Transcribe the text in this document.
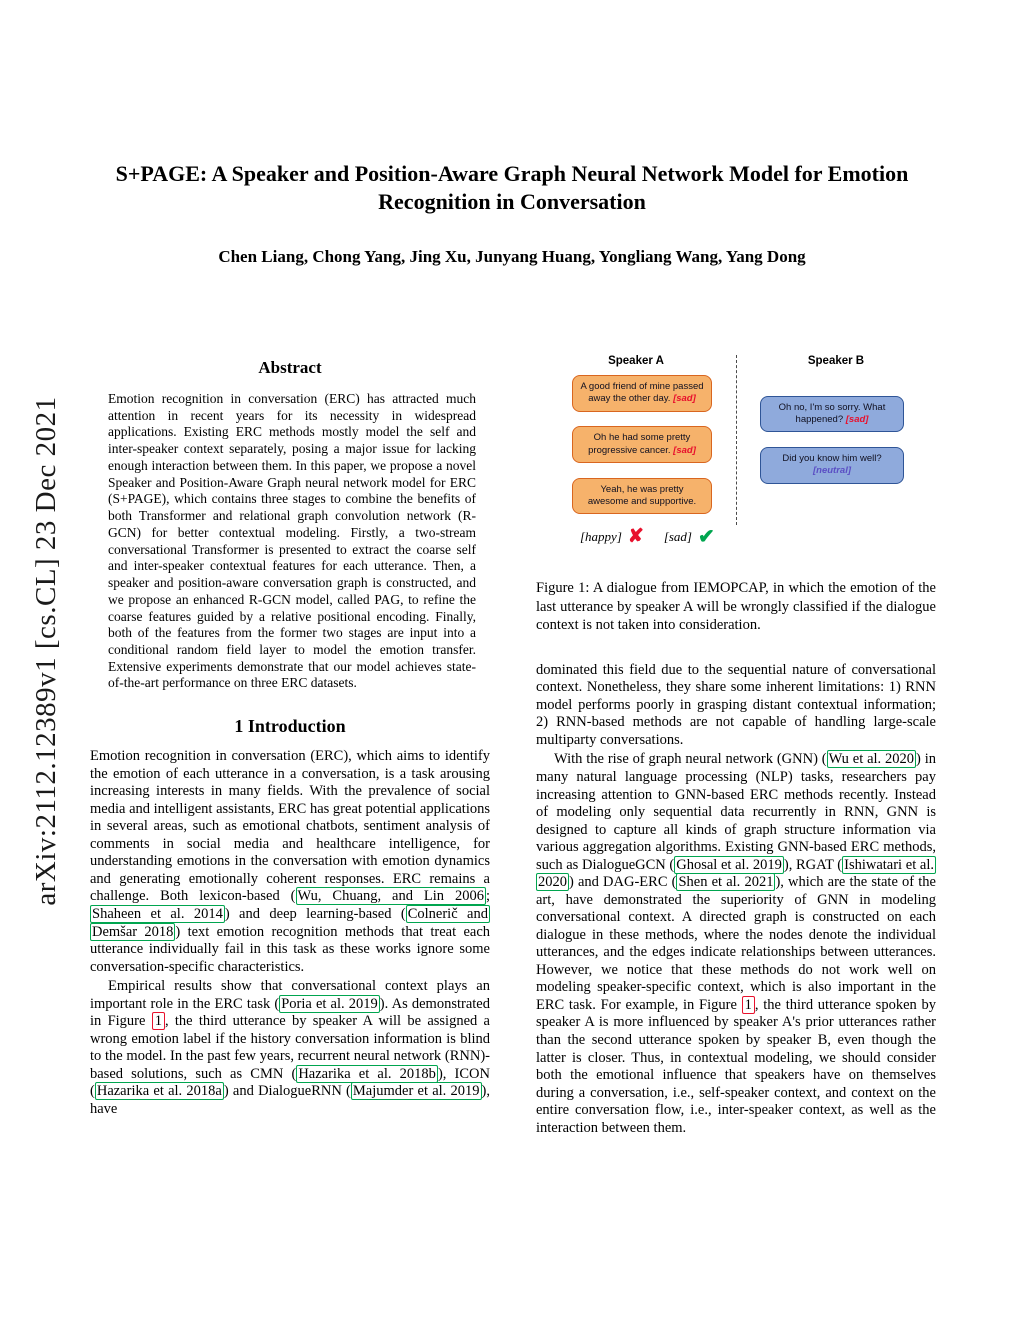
arXiv:2112.12389v1 [cs.CL] 23 Dec 2021
S+PAGE: A Speaker and Position-Aware Graph Neural Network Model for Emotion Recognition in Conversation
Chen Liang, Chong Yang, Jing Xu, Junyang Huang, Yongliang Wang, Yang Dong
Abstract

Emotion recognition in conversation (ERC) has attracted much attention in recent years for its necessity in widespread applications. Existing ERC methods mostly model the self and inter-speaker context separately, posing a major issue for lacking enough interaction between them. In this paper, we propose a novel Speaker and Position-Aware Graph neural network model for ERC (S+PAGE), which contains three stages to combine the benefits of both Transformer and relational graph convolution network (R-GCN) for better contextual modeling. Firstly, a two-stream conversational Transformer is presented to extract the coarse self and inter-speaker contextual features for each utterance. Then, a speaker and position-aware conversation graph is constructed, and we propose an enhanced R-GCN model, called PAG, to refine the coarse features guided by a relative positional encoding. Finally, both of the features from the former two stages are input into a conditional random field layer to model the emotion transfer. Extensive experiments demonstrate that our model achieves state-of-the-art performance on three ERC datasets.

1 Introduction

Emotion recognition in conversation (ERC), which aims to identify the emotion of each utterance in a conversation, is a task arousing increasing interests in many fields. With the prevalence of social media and intelligent assistants, ERC has great potential applications in several areas, such as emotional chatbots, sentiment analysis of comments in social media and healthcare intelligence, for understanding emotions in the conversation with emotion dynamics and generating emotionally coherent responses. ERC remains a challenge. Both lexicon-based ( Wu, Chuang, and Lin 2006 ; Shaheen et al. 2014 ) and deep learning-based ( Colnerič and Demšar 2018 ) text emotion recognition methods that treat each utterance individually fail in this task as these works ignore some conversation-specific characteristics.

Empirical results show that conversational context plays an important role in the ERC task ( Poria et al. 2019 ). As demonstrated in Figure 1 , the third utterance by speaker A will be assigned a wrong emotion label if the history conversation information is blind to the model. In the past few years, recurrent neural network (RNN)-based solutions, such as CMN ( Hazarika et al. 2018b ), ICON ( Hazarika et al. 2018a ) and DialogueRNN ( Majumder et al. 2019 ), have

Speaker A	Speaker B
A good friend of mine passed away the other day. [sad]
Oh no, I'm so sorry. What happened? [sad]
Oh he had some pretty progressive cancer. [sad]
Did you know him well? [neutral]
Yeah, he was pretty awesome and supportive.
[happy] ✘ [sad] ✔

Figure 1: A dialogue from IEMOPCAP, in which the emotion of the last utterance by speaker A will be wrongly classified if the dialogue context is not taken into consideration.

dominated this field due to the sequential nature of conversational context. Nonetheless, they share some inherent limitations: 1) RNN model performs poorly in grasping distant contextual information; 2) RNN-based methods are not capable of handling large-scale multiparty conversations.

With the rise of graph neural network (GNN) ( Wu et al. 2020 ) in many natural language processing (NLP) tasks, researchers pay increasing attention to GNN-based ERC methods recently. Instead of modeling only sequential data recurrently in RNN, GNN is designed to capture all kinds of graph structure information via various aggregation algorithms. Existing GNN-based ERC methods, such as DialogueGCN ( Ghosal et al. 2019 ), RGAT ( Ishiwatari et al. 2020 ) and DAG-ERC ( Shen et al. 2021 ), which are the state of the art, have demonstrated the superiority of GNN in modeling conversational context. A directed graph is constructed on each dialogue in these methods, where the nodes denote the individual utterances, and the edges indicate relationships between utterances. However, we notice that these methods do not work well on modeling speaker-specific context, which is also important in the ERC task. For example, in Figure 1 , the third utterance spoken by speaker A is more influenced by speaker A's prior utterances rather than the second utterance spoken by speaker B, even though the latter is closer. Thus, in contextual modeling, we should consider both the emotional influence that speakers have on themselves during a conversation, i.e., self-speaker context, and context on the entire conversation flow, i.e., inter-speaker context, as well as the interaction between them.
